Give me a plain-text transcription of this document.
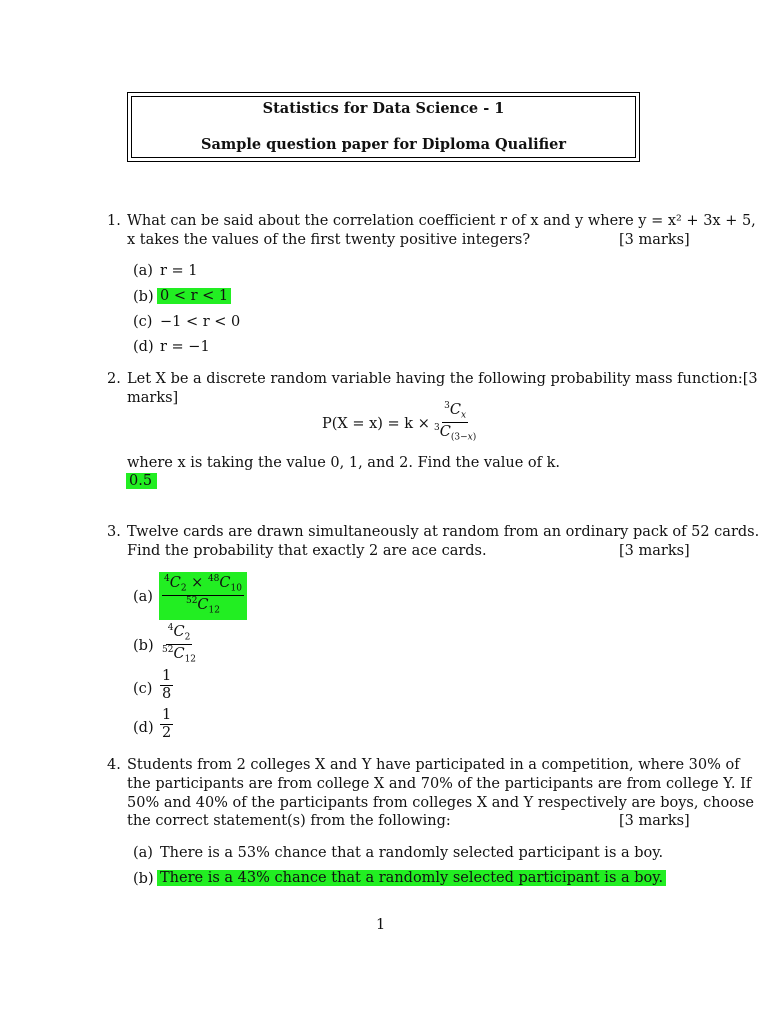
Statistics for Data Science - 1
Sample question paper for Diploma Qualifier
1. What can be said about the correlation coefficient r of x and y where y = x² + 3x + 5,
x takes the values of the first twenty positive integers?	[3 marks]
(a) r = 1
(b) 0 < r < 1
(c) −1 < r < 0
(d) r = −1
2. Let X be a discrete random variable having the following probability mass function:[3
marks]
$P(X = x) = k \times \frac{^3C_x}{^3C_{(3-x)}}$
where x is taking the value 0, 1, and 2. Find the value of k.
0.5
3. Twelve cards are drawn simultaneously at random from an ordinary pack of 52 cards.
Find the probability that exactly 2 are ace cards.	[3 marks]
$(a) \frac{^4C_2 \times ^{48}C_{10}}{^{52}C_{12}}$
$(b) \frac{^4C_2}{^{52}C_{12}}$
$(c) \frac{1}{8}$
$(d) \frac{1}{2}$
4. Students from 2 colleges X and Y have participated in a competition, where 30% of
the participants are from college X and 70% of the participants are from college Y. If
50% and 40% of the participants from colleges X and Y respectively are boys, choose
the correct statement(s) from the following:	[3 marks]
(a) There is a 53% chance that a randomly selected participant is a boy.
(b) There is a 43% chance that a randomly selected participant is a boy.
1
